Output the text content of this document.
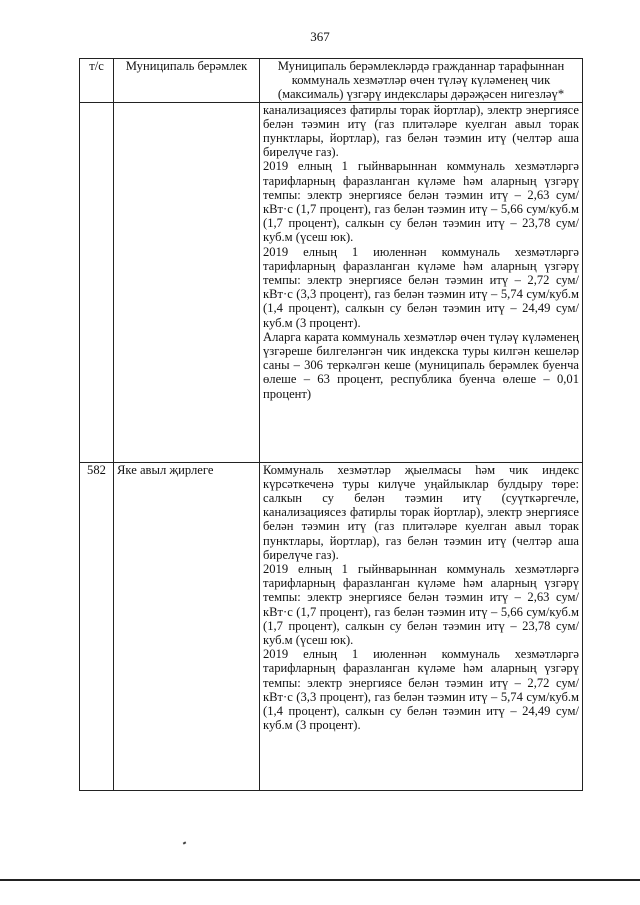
367
т/с	Муниципаль берәмлек	Муниципаль берәмлекләрдә гражданнар тарафыннан коммуналь хезмәтләр өчен түләү күләменең чик (максималь) үзгәрү индекслары дәрәҗәсен нигезләү*

		канализациясез фатирлы торак йортлар), электр энергиясе белән тәэмин итү (газ плитәләре куелган авыл торак пунктлары, йортлар), газ белән тәэмин итү (челтәр аша бирелүче газ).
2019 елның 1 гыйнварыннан коммуналь хезмәтләргә тарифларның фаразланган күләме һәм аларның үзгәрү темпы: электр энергиясе белән тәэмин итү – 2,63 сум/кВт·с (1,7 процент), газ белән тәэмин итү – 5,66 сум/куб.м (1,7 процент), салкын су белән тәэмин итү – 23,78 сум/куб.м (үсеш юк).
2019 елның 1 июленнән коммуналь хезмәтләргә тарифларның фаразланган күләме һәм аларның үзгәрү темпы: электр энергиясе белән тәэмин итү – 2,72 сум/кВт·с (3,3 процент), газ белән тәэмин итү – 5,74 сум/куб.м (1,4 процент), салкын су белән тәэмин итү – 24,49 сум/куб.м (3 процент).
Аларга карата коммуналь хезмәтләр өчен түләү күләменең үзгәреше билгеләнгән чик индекска туры килгән кешеләр саны – 306 теркәлгән кеше (муниципаль берәмлек буенча өлеше – 63 процент, республика буенча өлеше – 0,01 процент)

582	Яке авыл җирлеге	Коммуналь хезмәтләр җыелмасы һәм чик индекс күрсәткеченә туры килүче уңайлыклар булдыру төре: салкын су белән тәэмин итү (суүткәргечле, канализациясез фатирлы торак йортлар), электр энергиясе белән тәэмин итү (газ плитәләре куелган авыл торак пунктлары, йортлар), газ белән тәэмин итү (челтәр аша бирелүче газ).
2019 елның 1 гыйнварыннан коммуналь хезмәтләргә тарифларның фаразланган күләме һәм аларның үзгәрү темпы: электр энергиясе белән тәэмин итү – 2,63 сум/кВт·с (1,7 процент), газ белән тәэмин итү – 5,66 сум/куб.м (1,7 процент), салкын су белән тәэмин итү – 23,78 сум/куб.м (үсеш юк).
2019 елның 1 июленнән коммуналь хезмәтләргә тарифларның фаразланган күләме һәм аларның үзгәрү темпы: электр энергиясе белән тәэмин итү – 2,72 сум/кВт·с (3,3 процент), газ белән тәэмин итү – 5,74 сум/куб.м (1,4 процент), салкын су белән тәэмин итү – 24,49 сум/куб.м (3 процент).
